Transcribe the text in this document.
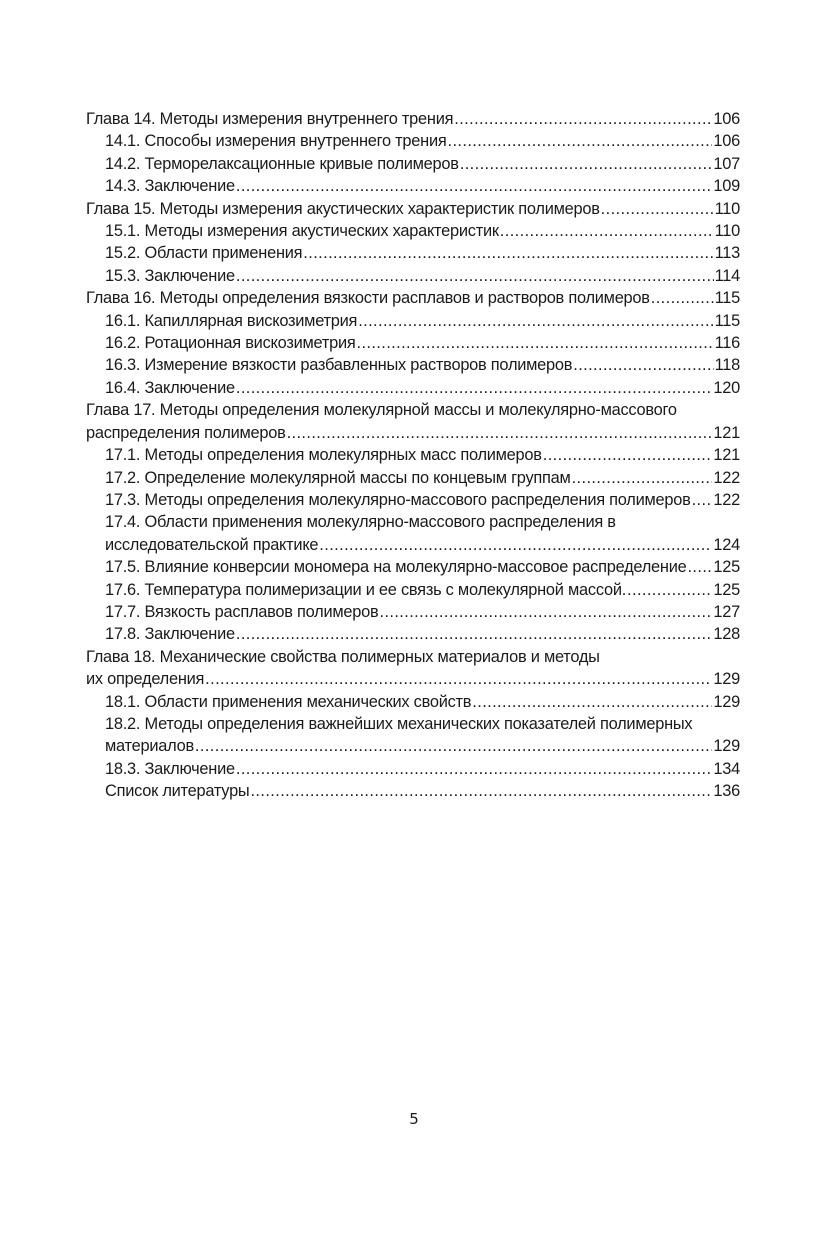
Глава 14. Методы измерения внутреннего трения .....	106
14.1. Способы измерения внутреннего трения .....	106
14.2. Терморелаксационные кривые полимеров .....	107
14.3. Заключение .....	109
Глава 15. Методы измерения акустических характеристик полимеров .....	110
15.1. Методы измерения акустических характеристик .....	110
15.2. Области применения .....	113
15.3. Заключение .....	114
Глава 16. Методы определения вязкости расплавов и растворов полимеров .....	115
16.1. Капиллярная вискозиметрия .....	115
16.2. Ротационная вискозиметрия .....	116
16.3. Измерение вязкости разбавленных растворов полимеров .....	118
16.4. Заключение .....	120
Глава 17. Методы определения молекулярной массы и молекулярно-массового
распределения полимеров .....	121
17.1. Методы определения молекулярных масс полимеров .....	121
17.2. Определение молекулярной массы по концевым группам .....	122
17.3. Методы определения молекулярно-массового распределения полимеров ..... 122
17.4. Области применения молекулярно-массового распределения в
исследовательской практике .....	124
17.5. Влияние конверсии мономера на молекулярно-массовое распределение ..... 125
17.6. Температура полимеризации и ее связь с молекулярной массой. .....	125
17.7. Вязкость расплавов полимеров .....	127
17.8. Заключение .....	128
Глава 18. Механические свойства полимерных материалов и методы
их определения .....	129
18.1. Области применения механических свойств .....	129
18.2. Методы определения важнейших механических показателей полимерных
материалов .....	129
18.3. Заключение .....	134
Список литературы .....	136
5
